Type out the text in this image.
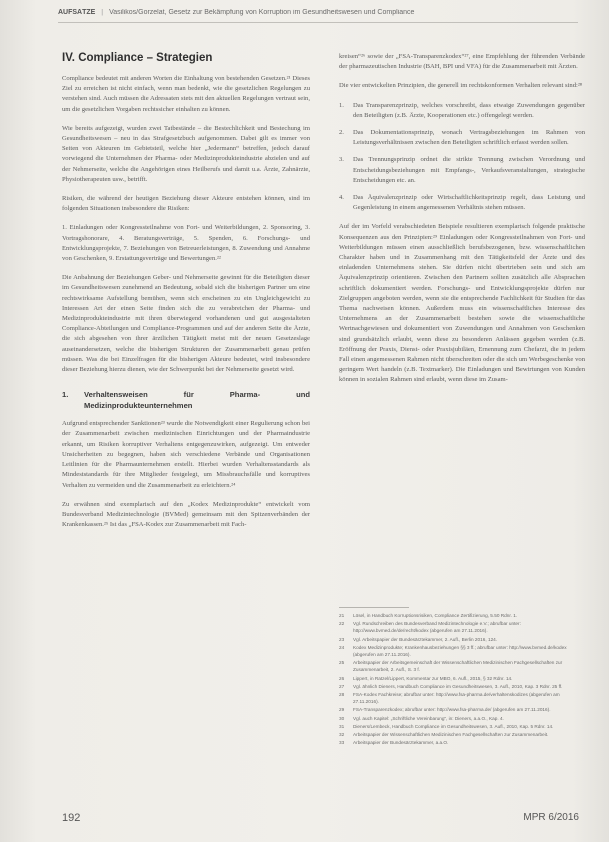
AUFSÄTZE | Vasilikos/Gorzelat, Gesetz zur Bekämpfung von Korruption im Gesundheitswesen und Compliance
IV. Compliance – Strategien

Compliance bedeutet mit anderen Worten die Einhaltung von bestehenden Gesetzen.²¹ Dieses Ziel zu erreichen ist nicht einfach, wenn man bedenkt, wie die gesetzlichen Regelungen zu verstehen sind. Auch müssen die Adressaten stets mit den aktuellen Regelungen vertraut sein, um die gesetzlichen Vorgaben rechtssicher einhalten zu können.

Wie bereits aufgezeigt, wurden zwei Tatbestände – die Bestechlichkeit und Bestechung im Gesundheitswesen – neu in das Strafgesetzbuch aufgenommen. Dabei gilt es immer von Seiten von Akteuren im Gebietsteil, welche hier „Jedermann“ betreffen, jedoch darauf vorwiegend die Unternehmen der Pharma- oder Medizinprodukteindustrie abzielen und auf der Nehmerseite, welche die Angehörigen eines Heilberufs und damit u.a. Ärzte, Zahnärzte, Physiotherapeuten usw., betrifft.

Risiken, die während der heutigen Beziehung dieser Akteure entstehen können, sind im folgenden Situationen insbesondere die Risiken:

1. Einladungen oder Kongressteilnahme von Fort- und Weiterbildungen, 2. Sponsoring, 3. Vortragshonorare, 4. Beratungsverträge, 5. Spenden, 6. Forschungs- und Entwicklungsprojekte, 7. Beziehungen von Betreuerleistungen, 8. Zuwendung und Annahme von Geschenken, 9. Erstattungsverträge und Bewertungen.²²

Die Anbahnung der Beziehungen Geber- und Nehmerseite gewinnt für die Beteiligten dieser im Gesundheitswesen zunehmend an Bedeutung, sobald sich die bisherigen Partner um eine rechtswirksame Aufstellung bemühen, wenn sich erscheinen zu ein Ungleichgewicht zu Interessen Art der einen Seite finden sich die zu verabreichen der Pharma- und Medizinprodukteindustrie mit ihren überwiegend vorhandenen und gut ausgestalteten Compliance-Abteilungen und Compliance-Programmen und auf der anderen Seite die Ärzte, die sich abgesehen von ihrer ärztlichen Tätigkeit meist mit der neuen Gesetzeslage auseinandersetzen, welche die bisherigen Strukturen der Zusammenarbeit genau prüfen müssen. Was die bei Einzelfragen für die bisherigen Akteure bedeutet, wird insbesondere dieser Beziehung hierzu dienen, wie der Schwerpunkt bei der Nehmerseite gesetzt wird.

1.	Verhaltensweisen für Pharma- und Medizinprodukteunternehmen

Aufgrund entsprechender Sanktionen²³ wurde die Notwendigkeit einer Regulierung schon bei der Zusammenarbeit zwischen medizinischen Einrichtungen und der Pharmaindustrie erkannt, um Risiken korruptiver Verhaltens entgegenzuwirken, aufgezeigt. Um entweder Unsicherheiten zu begegnen, haben sich verschiedene Verbände und Organisationen Leitlinien für die Pharmaunternehmen erstellt. Hierbei wurden Verhaltensstandards als Mindeststandards für ihre Mitglieder festgelegt, um Missbrauchsfälle und korruptives Verhalten zu vermeiden und die Zusammenarbeit zu erleichtern.²⁴

Zu erwähnen sind exemplarisch auf den „Kodex Medizinprodukte“ entwickelt vom Bundesverband Medizintechnologie (BVMed) gemeinsam mit den Spitzenverbänden der Krankenkassen.²⁵ Ist das „FSA-Kodex zur Zusammenarbeit mit Fach-

kreisen“²⁶ sowie der „FSA-Transparenzkodex“²⁷, eine Empfehlung der führenden Verbände der pharmazeutischen Industrie (BAH, BPI und VFA) für die Zusammenarbeit mit Ärzten.

Die vier entwickelten Prinzipien, die generell im rechtskonformen Verhalten relevant sind:²⁸

1.	Das Transparenzprinzip, welches vorschreibt, dass etwaige Zuwendungen gegenüber den Beteiligten (z.B. Ärzte, Kooperationen etc.) offengelegt werden.
2.	Das Dokumentationsprinzip, wonach Vertragsbeziehungen im Rahmen von Leistungsverhältnissen zwischen den Beteiligten schriftlich erfasst werden sollen.
3.	Das Trennungsprinzip ordnet die strikte Trennung zwischen Verordnung und Entscheidungsbeziehungen mit Empfangs-, Verkaufsveranstaltungen, strategische Entscheidungen etc. an.
4.	Das Äquivalenzprinzip oder Wirtschaftlichkeitsprinzip regelt, dass Leistung und Gegenleistung in einem angemessenen Verhältnis stehen müssen.

Auf der im Vorfeld verabschiedeten Beispiele resultieren exemplarisch folgende praktische Konsequenzen aus den Prinzipien:²⁹ Einladungen oder Kongressteilnahmen von Fort- und Weiterbildungen müssen einen ausschließlich berufsbezogenen, bzw. wissenschaftlichen Charakter haben und in Zusammenhang mit den Tätigkeitsfeld der Ärzte und des einladenden Unternehmens stehen. Sie dürfen nicht übertrieben sein und sich am Äquivalenzprinzip orientieren. Zwischen den Partnern sollten zusätzlich alle Absprachen schriftlich dokumentiert werden. Forschungs- und Entwicklungsprojekte dürfen nur Zielgruppen angeboten werden, wenn sie die entsprechende Fachlichkeit für Studien für das Thema nachweisen können. Außerdem muss ein wissenschaftliches Interesse des Unternehmens an der Zusammenarbeit bestehen sowie die wissenschaftliche Wertnachgewiesen und dokumentiert von Zuwendungen und Annahmen von Geschenken sind grundsätzlich erlaubt, wenn diese zu besonderen Anlässen gegeben werden (z.B. Eröffnung der Praxis, Dienst- oder Praxisjubiläen, Ernennung zum Chefarzt, die in jedem Fall einen angemessenen Rahmen nicht überschreiten oder die sich um Werbegeschenke von geringem Wert handeln (z.B. Textmarker). Die Einladungen und Bewirtungen von Kunden können in sozialen Rahmen sind erlaubt, wenn diese im Zusam-

21	Lösel, in Handbuch Korruptionsrisiken, Compliance Zertifizierung, 5.50 Rdnr. 1.
22	Vgl. Rundschreiben des Bundesverband Medizintechnologie e.V.; abrufbar unter: http://www.bvmed.de/de/recht/kodex (abgerufen am 27.11.2016).
23	Vgl. Arbeitspapier der Bundesärztekammer, 2. Aufl., Berlin 2016, 124.
24	Kodex Medizinprodukte; Krankenhausbeziehungen §§ 3 ff.; abrufbar unter: http://www.bvmed.de/kodex (abgerufen am 27.11.2016).
25	Arbeitspapier der Arbeitsgemeinschaft der Wissenschaftlichen Medizinischen Fachgesellschaften zur Zusammenarbeit, 2. Aufl., S. 3 f.
26	Lippert, in Ratzel/Lippert, Kommentar zur MBO, 6. Aufl., 2015, § 32 Rdnr. 14.
27	Vgl. ähnlich Dieners, Handbuch Compliance im Gesundheitswesen, 3. Aufl., 2010, Kap. 3 Rdnr. 25 ff.
28	FSA-Kodex Fachkreise; abrufbar unter: http://www.fsa-pharma.de/verhaltenskodizes (abgerufen am 27.11.2016).
29	FSA-Transparenzkodex; abrufbar unter: http://www.fsa-pharma.de/ (abgerufen am 27.11.2016).
30	Vgl. auch Kapitel: „Schriftliche Vereinbarung“, in: Dieners, a.a.O., Kap. 4.
31	Dieners/Lembeck, Handbuch Compliance im Gesundheitswesen, 3. Aufl., 2010, Kap. 5 Rdnr. 14.
32	Arbeitspapier der Wissenschaftlichen Medizinischen Fachgesellschaften zur Zusammenarbeit.
33	Arbeitspapier der Bundesärztekammer, a.a.O.
192	MPR 6/2016
